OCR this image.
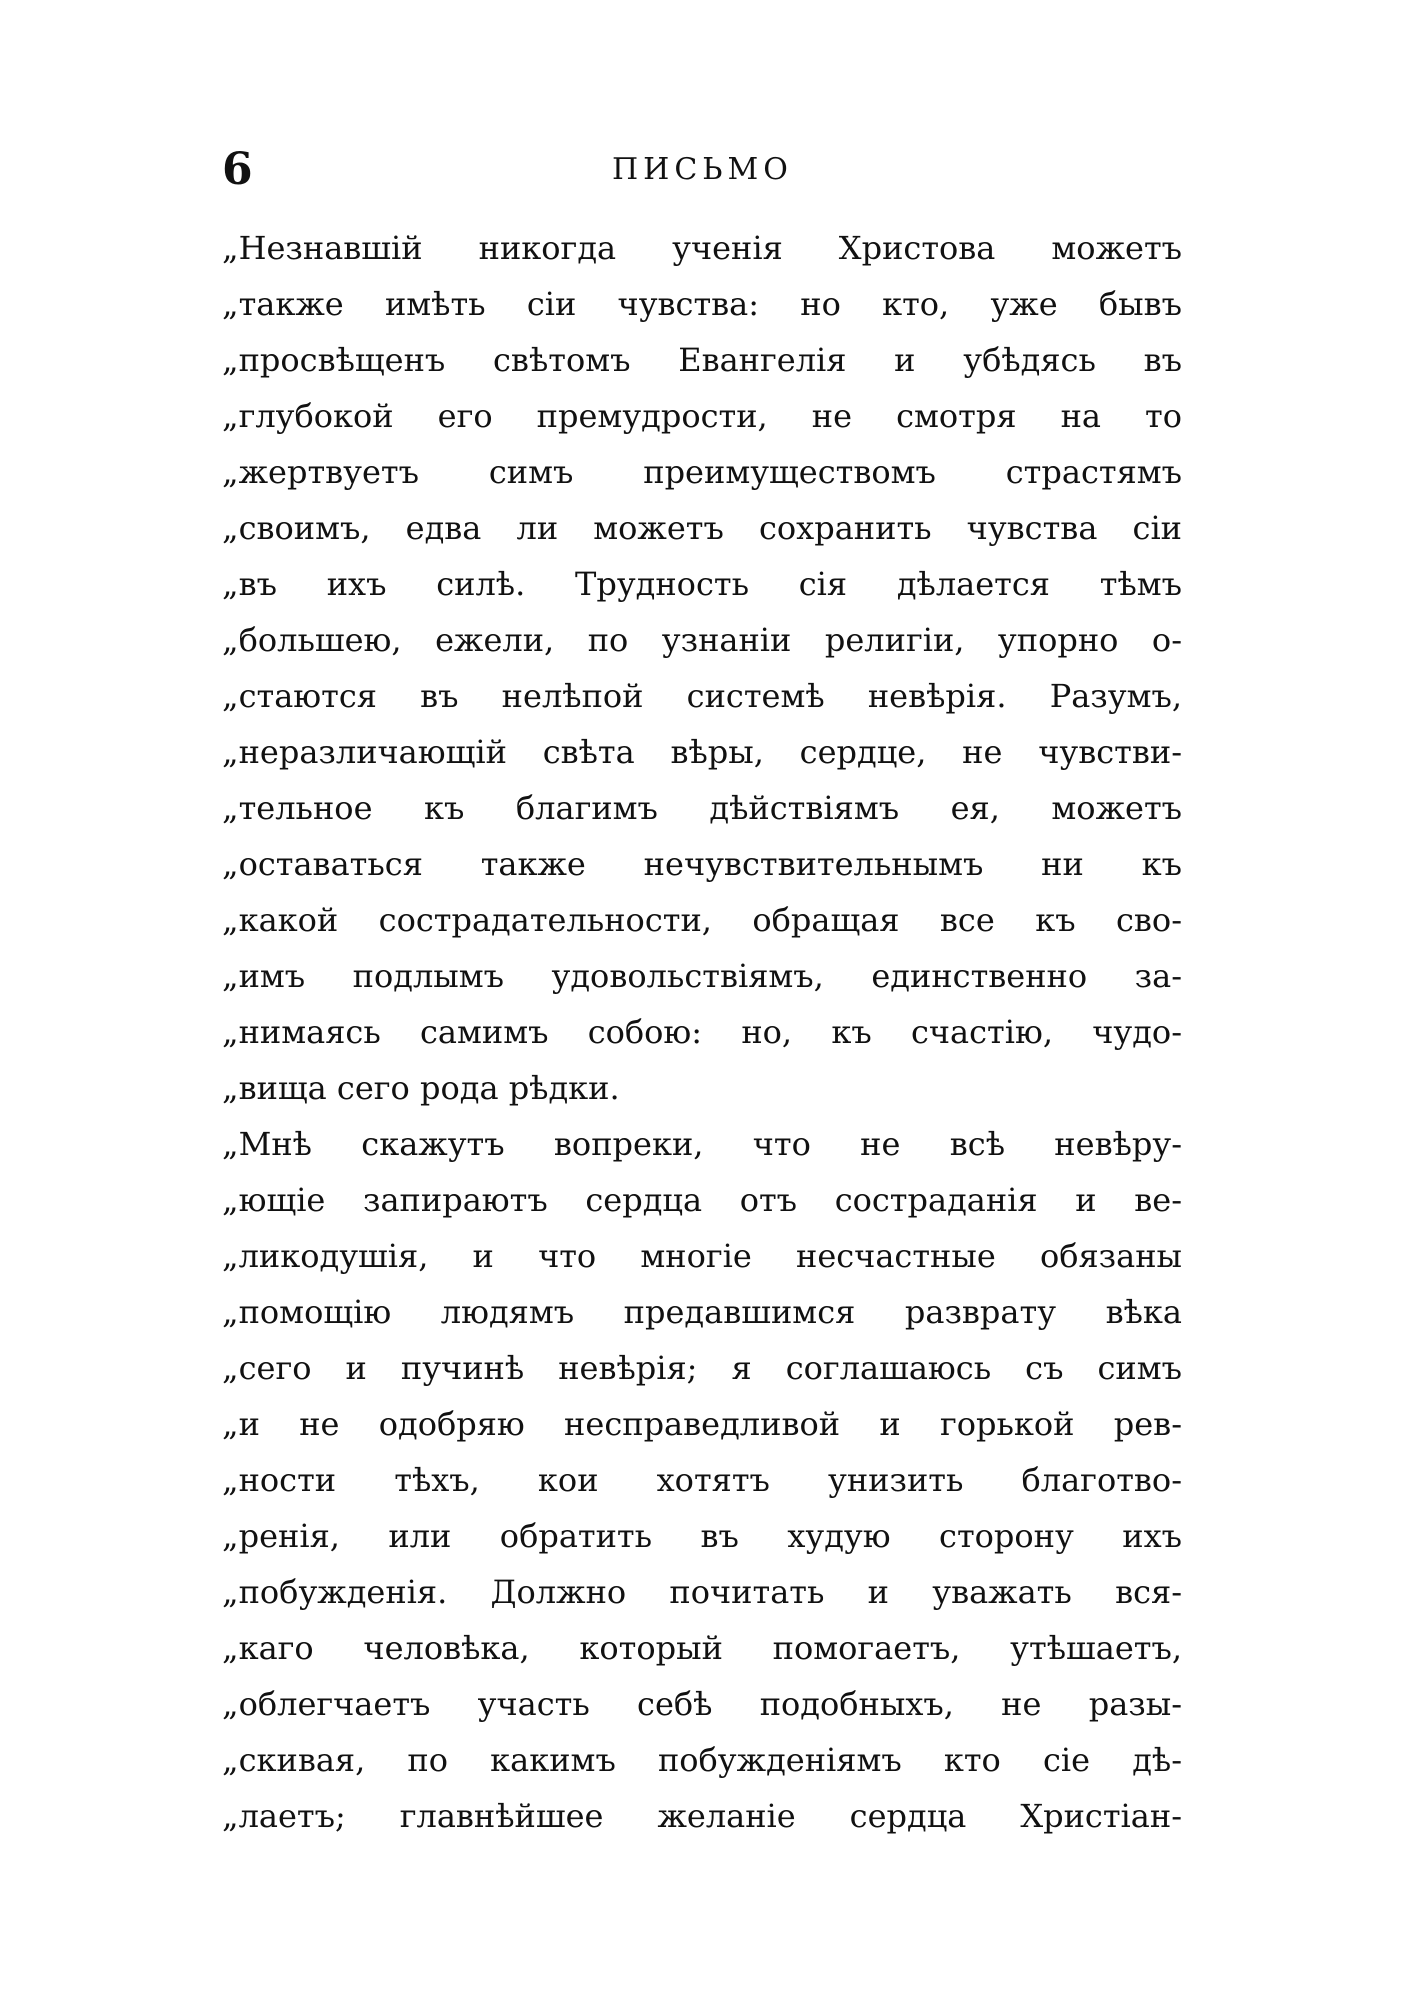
6	ПИСЬМО
„Незнавшій никогда ученія Христова можетъ
„также имѣть сіи чувства: но кто, уже бывъ
„просвѣщенъ свѣтомъ Евангелія и убѣдясь въ
„глубокой его премудрости, не смотря на то
„жертвуетъ симъ преимуществомъ страстямъ
„своимъ, едва ли можетъ сохранить чувства сіи
„въ ихъ силѣ. Трудность сія дѣлается тѣмъ
„большею, ежели, по узнаніи религіи, упорно о-
„стаются въ нелѣпой системѣ невѣрія. Разумъ,
„неразличающій свѣта вѣры, сердце, не чувстви-
„тельное къ благимъ дѣйствіямъ ея, можетъ
„оставаться также нечувствительнымъ ни къ
„какой сострадательности, обращая все къ сво-
„имъ подлымъ удовольствіямъ, единственно за-
„нимаясь самимъ собою: но, къ счастію, чудо-
„вища сего рода рѣдки.
„Мнѣ скажутъ вопреки, что не всѣ невѣру-
„ющіе запираютъ сердца отъ сострaданія и ве-
„ликодушія, и что многіе несчастные обязаны
„помощію людямъ предавшимся разврату вѣка
„сего и пучинѣ невѣрія; я соглашаюсь съ симъ
„и не одобряю несправедливой и горькой рев-
„ности тѣхъ, кои хотятъ унизить благотво-
„ренія, или обратить въ худую сторону ихъ
„побужденія. Должно почитать и уважать вся-
„каго человѣка, который помогаетъ, утѣшаетъ,
„облегчаетъ участь себѣ подобныхъ, не разы-
„скивая, по какимъ побужденіямъ кто сіе дѣ-
„лаетъ; главнѣйшее желаніе сердца Христіан-
